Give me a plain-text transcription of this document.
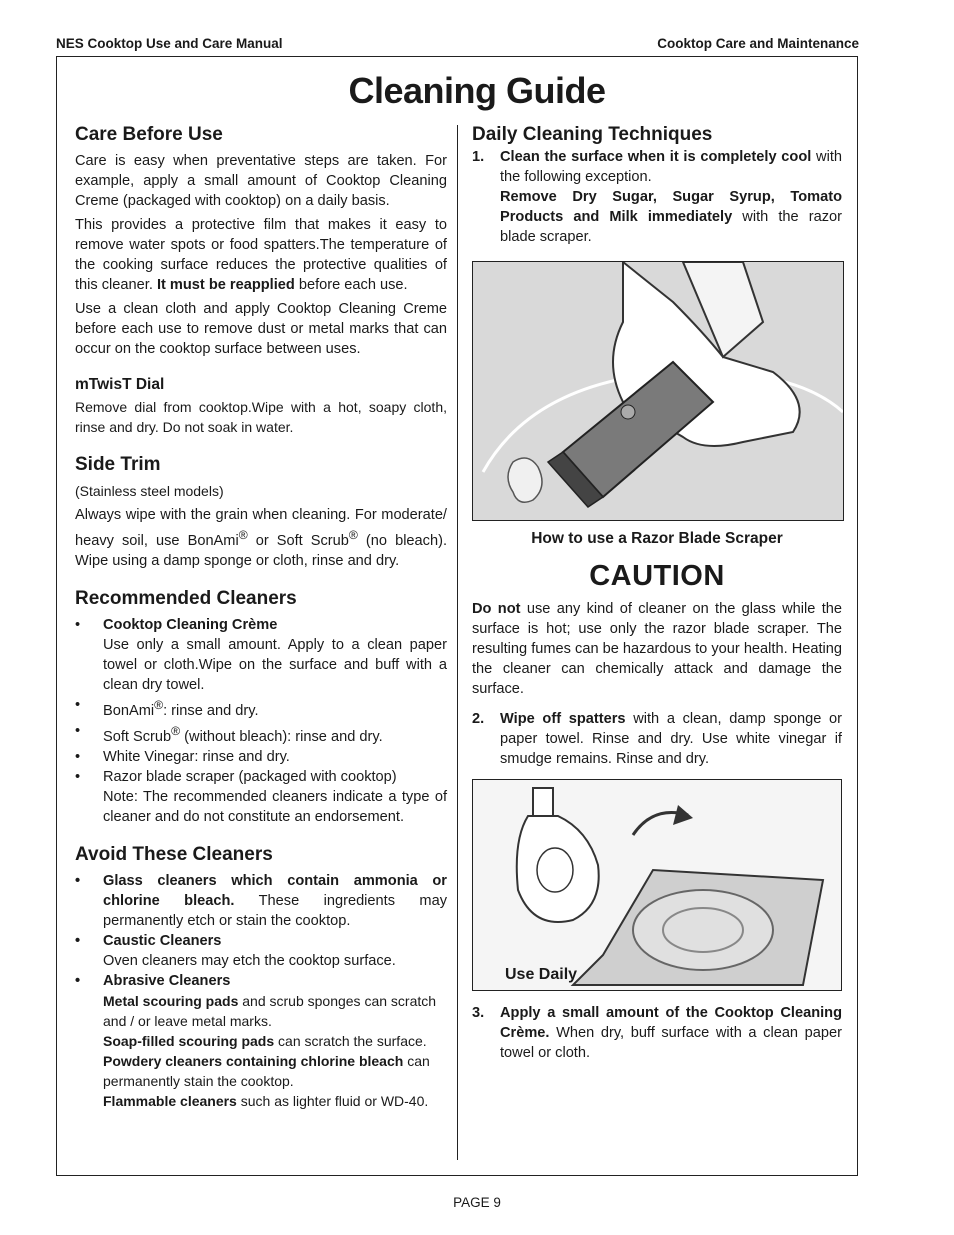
NES Cooktop Use and Care Manual	Cooktop Care and Maintenance
Cleaning Guide
Care Before Use

Care is easy when preventative steps are taken. For example, apply a small amount of Cooktop Cleaning Creme (packaged with cooktop) on a daily basis.

This provides a protective film that makes it easy to remove water spots or food spatters.The temperature of the cooking surface reduces the protective qualities of this cleaner. It must be reapplied before each use.

Use a clean cloth and apply Cooktop Cleaning Creme before each use to remove dust or metal marks that can occur on the cooktop surface between uses.

mTwisT Dial

Remove dial from cooktop.Wipe with a hot, soapy cloth, rinse and dry. Do not soak in water.

Side Trim

(Stainless steel models)

Always wipe with the grain when cleaning. For moderate/ heavy soil, use BonAmi® or Soft Scrub® (no bleach). Wipe using a damp sponge or cloth, rinse and dry.

Recommended Cleaners
• Cooktop Cleaning Crème

Use only a small amount. Apply to a clean paper towel or cloth.Wipe on the surface and buff with a clean dry towel.
• BonAmi®: rinse and dry.
• Soft Scrub® (without bleach): rinse and dry.
• White Vinegar: rinse and dry.
• Razor blade scraper (packaged with cooktop)

Note: The recommended cleaners indicate a type of cleaner and do not constitute an endorsement.
Avoid These Cleaners
• Glass cleaners which contain ammonia or chlorine bleach. These ingredients may permanently etch or stain the cooktop.
• Caustic Cleaners
Oven cleaners may etch the cooktop surface.
• Abrasive Cleaners
Metal scouring pads and scrub sponges can scratch and / or leave metal marks.
Soap-filled scouring pads can scratch the surface.
Powdery cleaners containing chlorine bleach can permanently stain the cooktop.
Flammable cleaners such as lighter fluid or WD-40.
Daily Cleaning Techniques
1. Clean the surface when it is completely cool with the following exception.
Remove Dry Sugar, Sugar Syrup, Tomato Products and Milk immediately with the razor blade scraper.
How to use a Razor Blade Scraper
CAUTION

Do not use any kind of cleaner on the glass while the surface is hot; use only the razor blade scraper. The resulting fumes can be hazardous to your health. Heating the cleaner can chemically attack and damage the surface.

2. Wipe off spatters with a clean, damp sponge or paper towel. Rinse and dry. Use white vinegar if smudge remains. Rinse and dry.
Use Daily
3. Apply a small amount of the Cooktop Cleaning Crème. When dry, buff surface with a clean paper towel or cloth.
PAGE 9
